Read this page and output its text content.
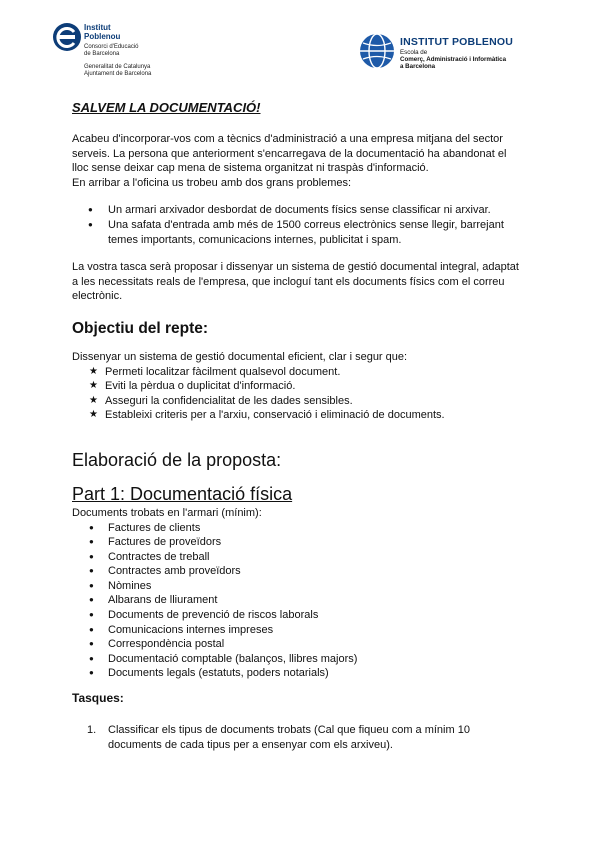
Institut
Poblenou
Consorci d'Educació
de Barcelona
Generalitat de Catalunya
Ajuntament de Barcelona
INSTITUT POBLENOU
Escola de
Comerç, Administració i Informàtica
a Barcelona
SALVEM LA DOCUMENTACIÓ!

Acabeu d'incorporar-vos com a tècnics d'administració a una empresa mitjana del sector

serveis. La persona que anteriorment s'encarregava de la documentació ha abandonat el

lloc sense deixar cap mena de sistema organitzat ni traspàs d'informació.

En arribar a l'oficina us trobeu amb dos grans problemes:

● Un armari arxivador desbordat de documents físics sense classificar ni arxivar.
● Una safata d'entrada amb més de 1500 correus electrònics sense llegir, barrejant
temes importants, comunicacions internes, publicitat i spam.

La vostra tasca serà proposar i dissenyar un sistema de gestió documental integral, adaptat

a les necessitats reals de l'empresa, que incloguí tant els documents físics com el correu

electrònic.

Objectiu del repte:

Dissenyar un sistema de gestió documental eficient, clar i segur que:

★ Permeti localitzar fàcilment qualsevol document.
★ Eviti la pèrdua o duplicitat d'informació.
★ Asseguri la confidencialitat de les dades sensibles.
★ Estableixi criteris per a l'arxiu, conservació i eliminació de documents.
Elaboració de la proposta:
Part 1: Documentació física

Documents trobats en l'armari (mínim):

● Factures de clients
● Factures de proveïdors
● Contractes de treball
● Contractes amb proveïdors
● Nòmines
● Albarans de lliurament
● Documents de prevenció de riscos laborals
● Comunicacions internes impreses
● Correspondència postal
● Documentació comptable (balanços, llibres majors)
● Documents legals (estatuts, poders notarials)
Tasques:
1. Classificar els tipus de documents trobats (Cal que fiqueu com a mínim 10
documents de cada tipus per a ensenyar com els arxiveu).
